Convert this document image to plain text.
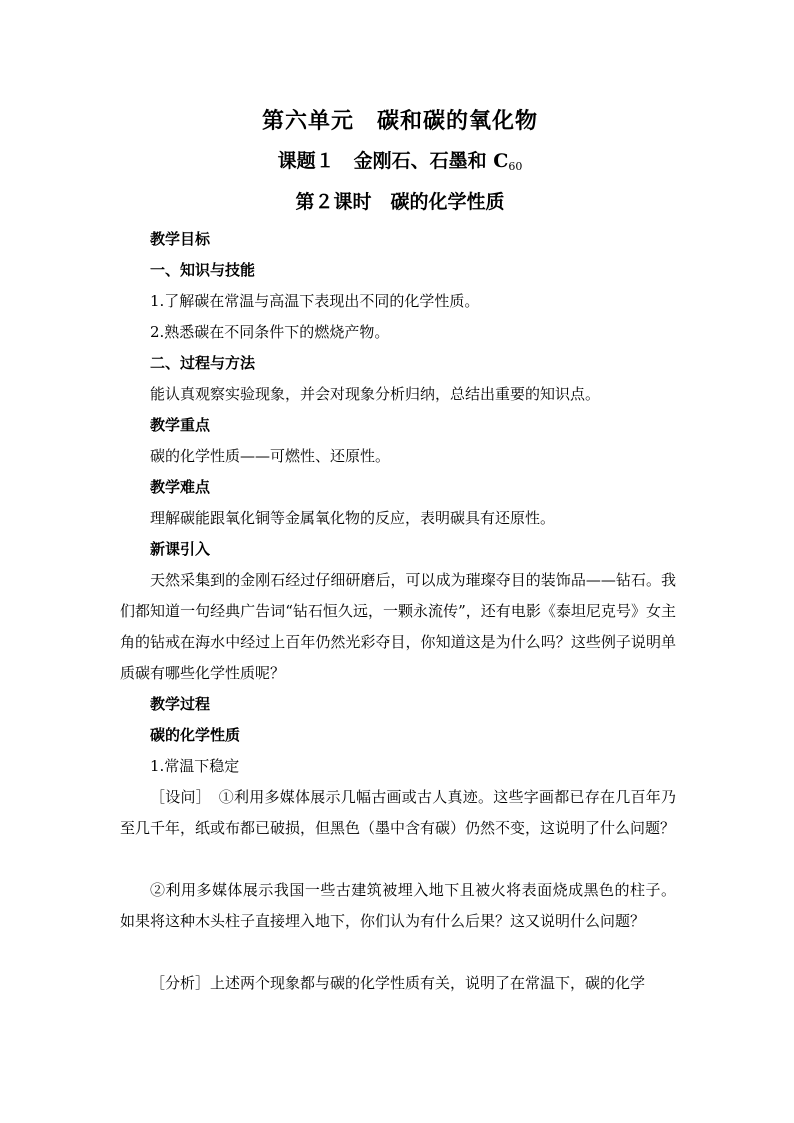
第六单元　碳和碳的氧化物
课题１　金刚石、石墨和 $C_{60}$
第２课时　碳的化学性质
教学目标
一、知识与技能
1.了解碳在常温与高温下表现出不同的化学性质。
2.熟悉碳在不同条件下的燃烧产物。
二、过程与方法
能认真观察实验现象，并会对现象分析归纳，总结出重要的知识点。
教学重点
碳的化学性质——可燃性、还原性。
教学难点
理解碳能跟氧化铜等金属氧化物的反应，表明碳具有还原性。
新课引入
天然采集到的金刚石经过仔细研磨后，可以成为璀璨夺目的装饰品——钻石。我们都知道一句经典广告词“钻石恒久远，一颗永流传”，还有电影《泰坦尼克号》女主角的钻戒在海水中经过上百年仍然光彩夺目，你知道这是为什么吗？这些例子说明单质碳有哪些化学性质呢？
教学过程
碳的化学性质
1.常温下稳定
［设问］　①利用多媒体展示几幅古画或古人真迹。这些字画都已存在几百年乃至几千年，纸或布都已破损，但黑色（墨中含有碳）仍然不变，这说明了什么问题？
②利用多媒体展示我国一些古建筑被埋入地下且被火将表面烧成黑色的柱子。 如果将这种木头柱子直接埋入地下，你们认为有什么后果？这又说明什么问题？
［分析］上述两个现象都与碳的化学性质有关，说明了在常温下，碳的化学
